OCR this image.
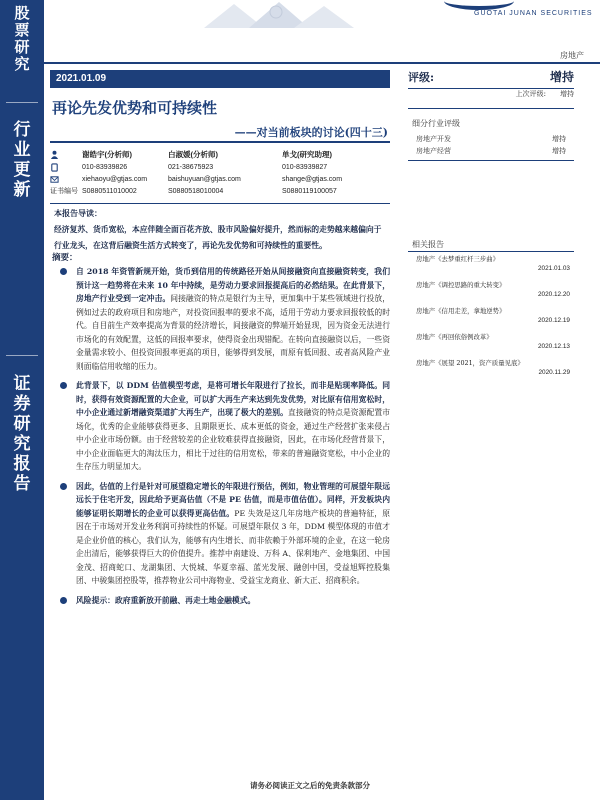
股
票
研
究
行
业
更
新
证
券
研
究
报
告
GUOTAI JUNAN SECURITIES
房地产
2021.01.09
再论先发优势和可持续性
——对当前板块的讨论(四十三)
谢皓宇(分析师)	白淑媛(分析师)	单戈(研究助理)
010-83939826	021-38675923	010-83939827
xiehaoyu@gtjas.com	baishuyuan@gtjas.com	shange@gtjas.com
证书编号 S0880511010002	S0880518010004	S0880119100057
本报告导读：
经济复苏、货币宽松，本应伴随全面百花齐放、股市风险偏好提升，然而标的走势越来越偏向于行业龙头，在这背后融资生活方式转变了，再论先发优势和可持续性的重要性。
摘要：
自 2018 年资管新规开始，货币到信用的传统路径开始从间接融资向直接融资转变，我们预计这一趋势将在未来 10 年中持续，是劳动力要求回报提高后的必然结果。在此背景下，房地产行业受到一定冲击。间接融资的特点是银行为主导，更加集中于某些领域进行投放，例如过去的政府项目和房地产，对投资回报率的要求不高，适用于劳动力要求回报较低的时代。自目前生产效率提高为背景的经济增长，间接融资的弊端开始显现，因为资金无法进行市场化的有效配置，这低的回报率要求，使得资金出现错配。在转向直接融资以后，一些资金量需求较小、但投资回报率更高的项目，能够得到发展，而原有低回报、或者高风险产业则面临信用收缩的压力。
此背景下，以 DDM 估值模型考虑，是将可增长年限进行了拉长，而非是贴现率降低。同时，获得有效资源配置的大企业，可以扩大再生产来达到先发优势，对比原有信用宽松时，中小企业通过新增融资渠道扩大再生产，出现了极大的差别。直接融资的特点是资源配置市场化，优秀的企业能够获得更多、且期限更长、成本更低的资金，通过生产经营扩张来侵占中小企业市场份额。由于经营较差的企业较难获得直接融资，因此，在市场化经营背景下，中小企业面临更大的淘汰压力，相比于过往的信用宽松，带来的普遍融资宽松，中小企业的生存压力明显加大。
因此，估值的上行是针对可展望稳定增长的年限进行预估，例如，物业管理的可展望年限远远长于住宅开发，因此给予更高估值（不是 PE 估值，而是市值估值）。同样，开发板块内能够证明长期增长的企业可以获得更高估值。PE 失效是这几年房地产板块的普遍特征，原因在于市场对开发业务利润可持续性的怀疑。可展望年限仅 3 年，DDM 模型体现的市值才是企业价值的核心，我们认为，能够有内生增长、而非依赖于外部环境的企业，在这一轮房企出清后，能够获得巨大的价值提升。推荐中南建设、万科 A、保利地产、金地集团、中国金茂、招商蛇口、龙湖集团、大悦城、华夏幸福、蓝光发展、融创中国，受益旭辉控股集团、中骏集团控股等，推荐物业公司中海物业、受益宝龙商业、新大正、招商积余。
风险提示：政府重新放开前融、再走土地金融模式。
请务必阅读正文之后的免责条款部分
评级:	增持
上次评级: 增持
细分行业评级
房地产开发	增持
房地产经营	增持
相关报告
房地产《去梦重红杆三步曲》
2021.01.03
房地产《调控思路的重大转变》
2020.12.20
房地产《信用走差，拿地逆势》
2020.12.19
房地产《再回依俗例改革》
2020.12.13
房地产《展望 2021，资产质量见底》
2020.11.29
